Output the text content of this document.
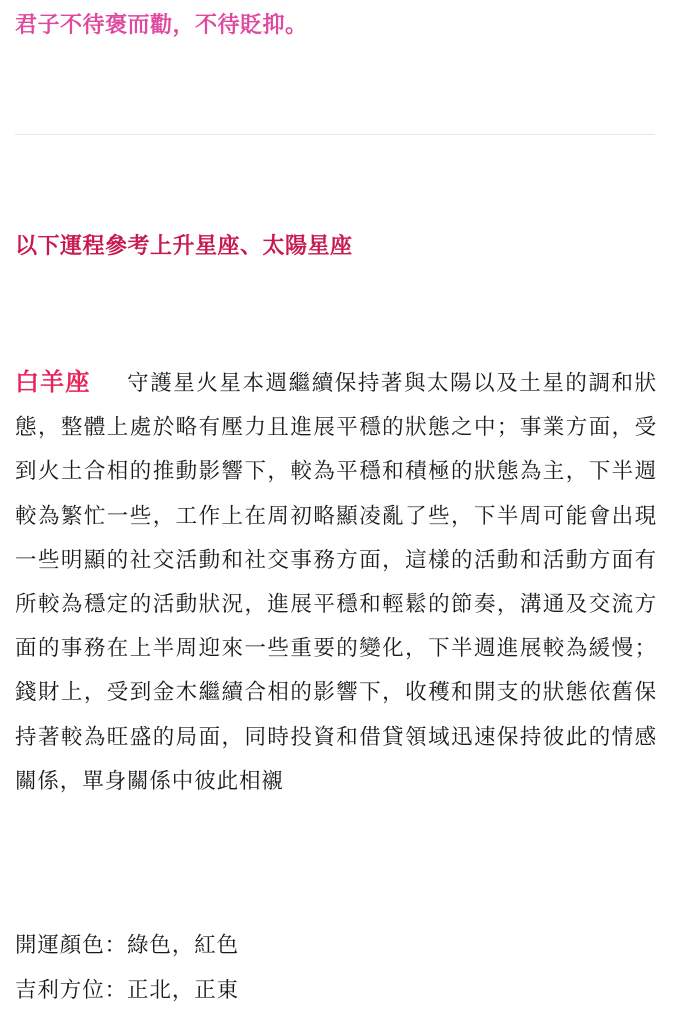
君子不待褒而勸，不待貶抑。
以下運程參考上升星座、太陽星座
白羊座 守護星火星本週繼續保持著與太陽以及土星的調和狀態，整體上處於略有壓力且進展平穩的狀態之中；事業方面，受到火土合相的推動影響下，較為平穩和積極的狀態為主，下半週較為繁忙一些，工作上在周初略顯凌亂了些，下半周可能會出現一些明顯的社交活動和社交事務方面，這樣的活動和活動方面有所較為穩定的活動狀況，進展平穩和輕鬆的節奏，溝通及交流方面的事務在上半周迎來一些重要的變化，下半週進展較為緩慢；錢財上，受到金木繼續合相的影響下，收穫和開支的狀態依舊保持著較為旺盛的局面，同時投資和借貸領域迅速保持彼此的情感關係，單身關係中彼此相襯
開運顏色：綠色，紅色
吉利方位：正北，正東
